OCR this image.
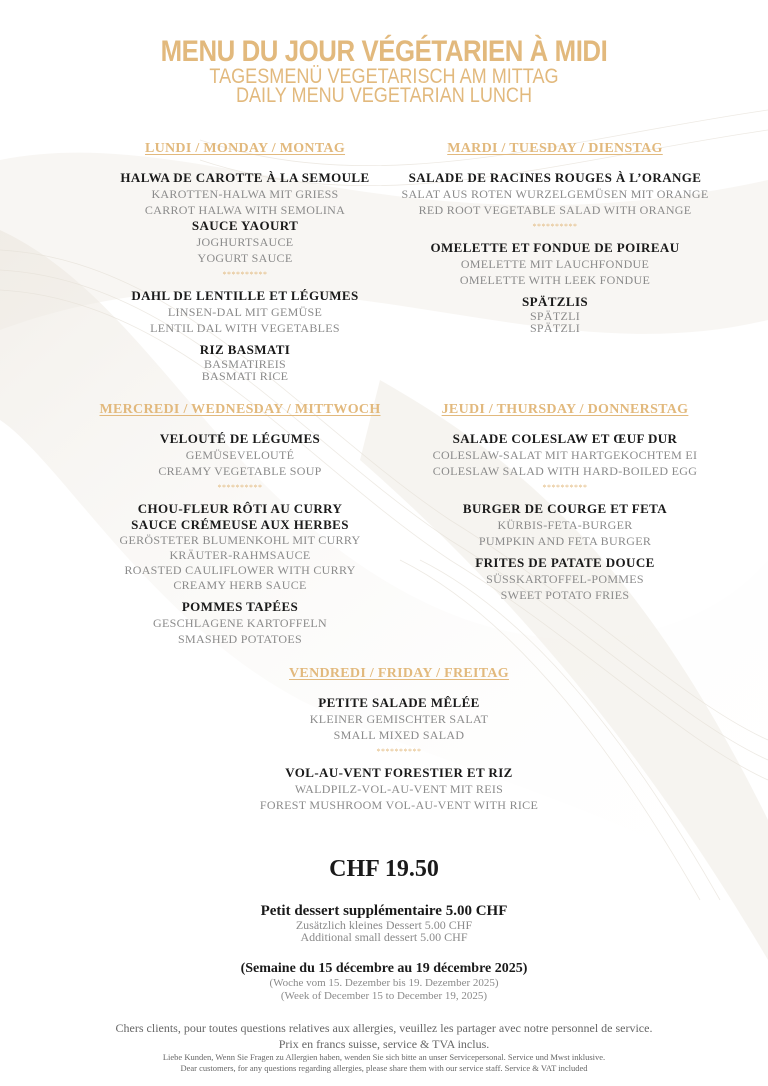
MENU DU JOUR VÉGÉTARIEN À MIDI
TAGESMENÜ VEGETARISCH AM MITTAG
DAILY MENU VEGETARIAN LUNCH
LUNDI / MONDAY / MONTAG
HALWA DE CAROTTE À LA SEMOULE
KAROTTEN-HALWA MIT GRIESS
CARROT HALWA WITH SEMOLINA
SAUCE YAOURT
JOGHURTSAUCE
YOGURT SAUCE
**********
DAHL DE LENTILLE ET LÉGUMES
LINSEN-DAL MIT GEMÜSE
LENTIL DAL WITH VEGETABLES
RIZ BASMATI
BASMATIREIS
BASMATI RICE
MARDI / TUESDAY / DIENSTAG
SALADE DE RACINES ROUGES À L’ORANGE
SALAT AUS ROTEN WURZELGEMÜSEN MIT ORANGE
RED ROOT VEGETABLE SALAD WITH ORANGE
**********
OMELETTE ET FONDUE DE POIREAU
OMELETTE MIT LAUCHFONDUE
OMELETTE WITH LEEK FONDUE
SPÄTZLIS
SPÄTZLI
SPÄTZLI
MERCREDI / WEDNESDAY / MITTWOCH
VELOUTÉ DE LÉGUMES
GEMÜSEVELOUTÉ
CREAMY VEGETABLE SOUP
**********
CHOU-FLEUR RÔTI AU CURRY
SAUCE CRÉMEUSE AUX HERBES
GERÖSTETER BLUMENKOHL MIT CURRY
KRÄUTER-RAHMSAUCE
ROASTED CAULIFLOWER WITH CURRY
CREAMY HERB SAUCE
POMMES TAPÉES
GESCHLAGENE KARTOFFELN
SMASHED POTATOES
JEUDI / THURSDAY / DONNERSTAG
SALADE COLESLAW ET ŒUF DUR
COLESLAW-SALAT MIT HARTGEKOCHTEM EI
COLESLAW SALAD WITH HARD-BOILED EGG
**********
BURGER DE COURGE ET FETA
KÜRBIS-FETA-BURGER
PUMPKIN AND FETA BURGER
FRITES DE PATATE DOUCE
SÜSSKARTOFFEL-POMMES
SWEET POTATO FRIES
VENDREDI / FRIDAY / FREITAG
PETITE SALADE MÊLÉE
KLEINER GEMISCHTER SALAT
SMALL MIXED SALAD
**********
VOL-AU-VENT FORESTIER ET RIZ
WALDPILZ-VOL-AU-VENT MIT REIS
FOREST MUSHROOM VOL-AU-VENT WITH RICE
CHF 19.50
Petit dessert supplémentaire 5.00 CHF
Zusätzlich kleines Dessert 5.00 CHF
Additional small dessert 5.00 CHF
(Semaine du 15 décembre au 19 décembre 2025)
(Woche vom 15. Dezember bis 19. Dezember 2025)
(Week of December 15 to December 19, 2025)
Chers clients, pour toutes questions relatives aux allergies, veuillez les partager avec notre personnel de service.
Prix en francs suisse, service & TVA inclus.
Liebe Kunden, Wenn Sie Fragen zu Allergien haben, wenden Sie sich bitte an unser Servicepersonal. Service und Mwst inklusive.
Dear customers, for any questions regarding allergies, please share them with our service staff. Service & VAT included
